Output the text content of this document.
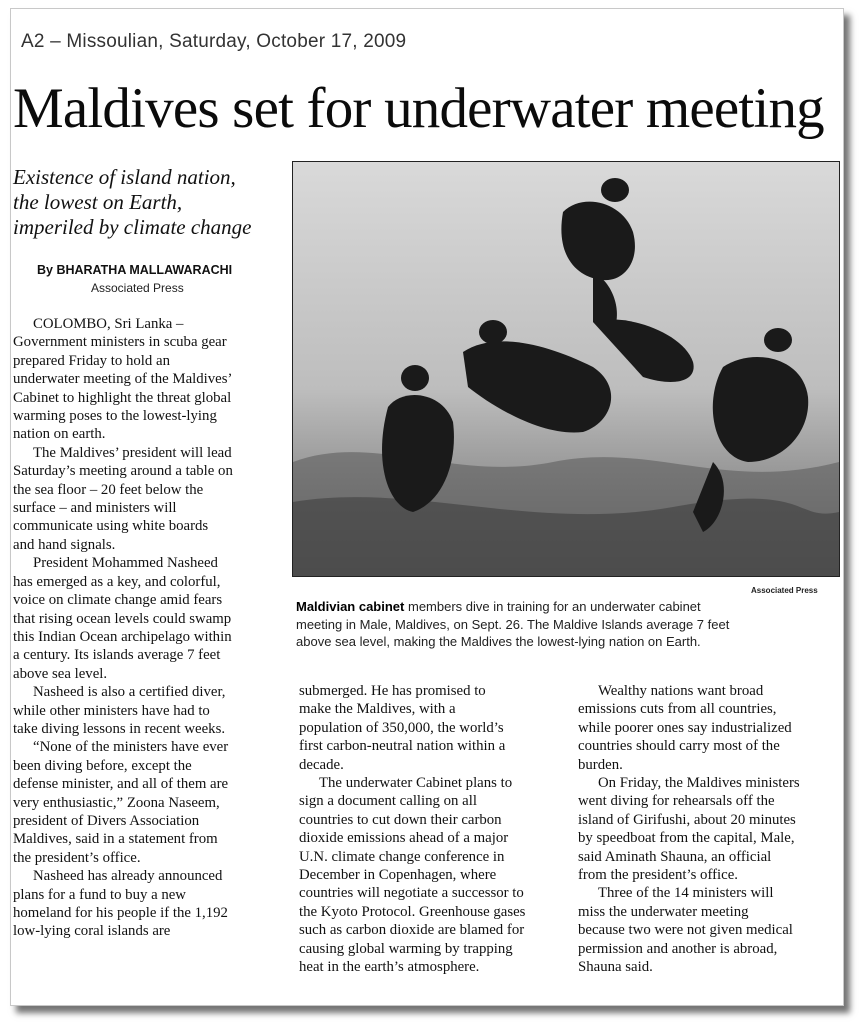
A2 – Missoulian, Saturday, October 17, 2009
Maldives set for underwater meeting
Existence of island nation,
the lowest on Earth,
imperiled by climate change
By BHARATHA MALLAWARACHI
Associated Press

COLOMBO, Sri Lanka –

Government ministers in scuba gear

prepared Friday to hold an

underwater meeting of the Maldives’

Cabinet to highlight the threat global

warming poses to the lowest-lying

nation on earth.

The Maldives’ president will lead

Saturday’s meeting around a table on

the sea floor – 20 feet below the

surface – and ministers will

communicate using white boards

and hand signals.

President Mohammed Nasheed

has emerged as a key, and colorful,

voice on climate change amid fears

that rising ocean levels could swamp

this Indian Ocean archipelago within

a century. Its islands average 7 feet

above sea level.

Nasheed is also a certified diver,

while other ministers have had to

take diving lessons in recent weeks.

“None of the ministers have ever

been diving before, except the

defense minister, and all of them are

very enthusiastic,” Zoona Naseem,

president of Divers Association

Maldives, said in a statement from

the president’s office.

Nasheed has already announced

plans for a fund to buy a new

homeland for his people if the 1,192

low-lying coral islands are

Associated Press
Maldivian cabinet members dive in training for an underwater cabinet
meeting in Male, Maldives, on Sept. 26. The Maldive Islands average 7 feet
above sea level, making the Maldives the lowest-lying nation on Earth.

submerged. He has promised to

make the Maldives, with a

population of 350,000, the world’s

first carbon-neutral nation within a

decade.

The underwater Cabinet plans to

sign a document calling on all

countries to cut down their carbon

dioxide emissions ahead of a major

U.N. climate change conference in

December in Copenhagen, where

countries will negotiate a successor to

the Kyoto Protocol. Greenhouse gases

such as carbon dioxide are blamed for

causing global warming by trapping

heat in the earth’s atmosphere.

Wealthy nations want broad

emissions cuts from all countries,

while poorer ones say industrialized

countries should carry most of the

burden.

On Friday, the Maldives ministers

went diving for rehearsals off the

island of Girifushi, about 20 minutes

by speedboat from the capital, Male,

said Aminath Shauna, an official

from the president’s office.

Three of the 14 ministers will

miss the underwater meeting

because two were not given medical

permission and another is abroad,

Shauna said.
